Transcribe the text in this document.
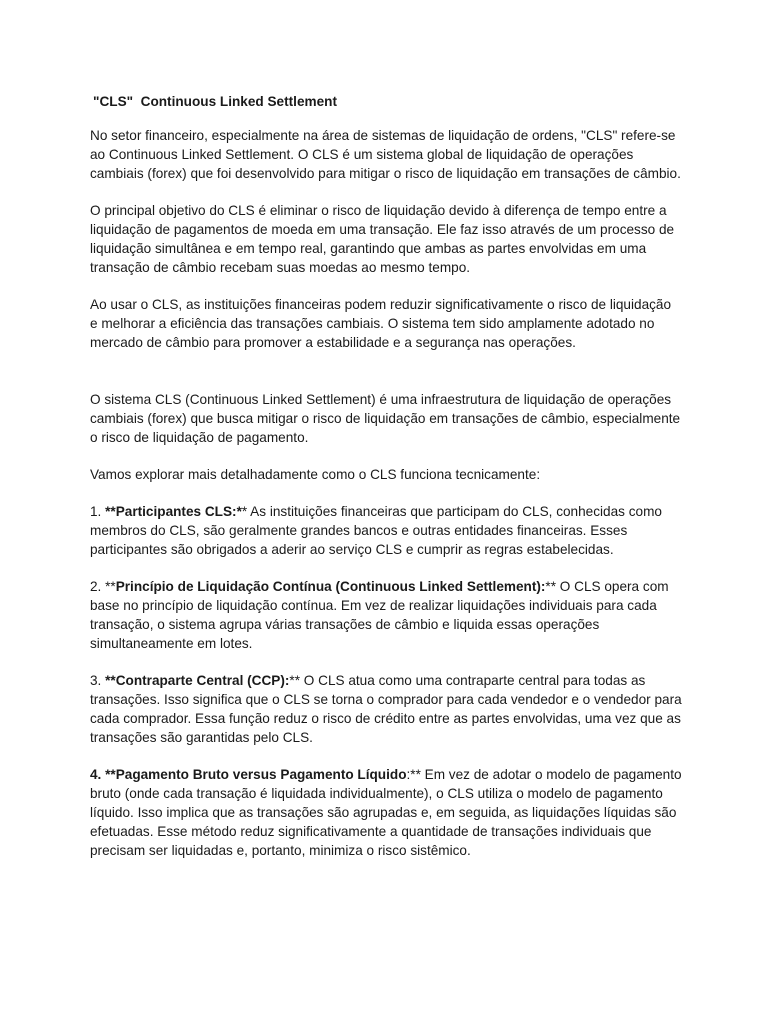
"CLS"  Continuous Linked Settlement

No setor financeiro, especialmente na área de sistemas de liquidação de ordens, "CLS" refere-se ao Continuous Linked Settlement. O CLS é um sistema global de liquidação de operações cambiais (forex) que foi desenvolvido para mitigar o risco de liquidação em transações de câmbio.

O principal objetivo do CLS é eliminar o risco de liquidação devido à diferença de tempo entre a liquidação de pagamentos de moeda em uma transação. Ele faz isso através de um processo de liquidação simultânea e em tempo real, garantindo que ambas as partes envolvidas em uma transação de câmbio recebam suas moedas ao mesmo tempo.

Ao usar o CLS, as instituições financeiras podem reduzir significativamente o risco de liquidação e melhorar a eficiência das transações cambiais. O sistema tem sido amplamente adotado no mercado de câmbio para promover a estabilidade e a segurança nas operações.

O sistema CLS (Continuous Linked Settlement) é uma infraestrutura de liquidação de operações cambiais (forex) que busca mitigar o risco de liquidação em transações de câmbio, especialmente o risco de liquidação de pagamento.

Vamos explorar mais detalhadamente como o CLS funciona tecnicamente:

1. **Participantes CLS:** As instituições financeiras que participam do CLS, conhecidas como membros do CLS, são geralmente grandes bancos e outras entidades financeiras. Esses participantes são obrigados a aderir ao serviço CLS e cumprir as regras estabelecidas.

2. **Princípio de Liquidação Contínua (Continuous Linked Settlement):** O CLS opera com base no princípio de liquidação contínua. Em vez de realizar liquidações individuais para cada transação, o sistema agrupa várias transações de câmbio e liquida essas operações simultaneamente em lotes.

3. **Contraparte Central (CCP):** O CLS atua como uma contraparte central para todas as transações. Isso significa que o CLS se torna o comprador para cada vendedor e o vendedor para cada comprador. Essa função reduz o risco de crédito entre as partes envolvidas, uma vez que as transações são garantidas pelo CLS.

4. **Pagamento Bruto versus Pagamento Líquido:** Em vez de adotar o modelo de pagamento bruto (onde cada transação é liquidada individualmente), o CLS utiliza o modelo de pagamento líquido. Isso implica que as transações são agrupadas e, em seguida, as liquidações líquidas são efetuadas. Esse método reduz significativamente a quantidade de transações individuais que precisam ser liquidadas e, portanto, minimiza o risco sistêmico.
